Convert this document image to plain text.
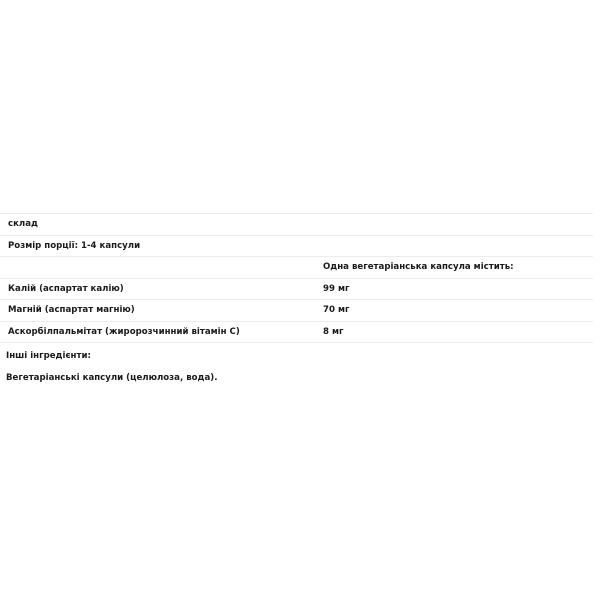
склад
Розмір порції: 1-4 капсули
Одна вегетаріанська капсула містить:
Калій (аспартат калію)	99 мг
Магній (аспартат магнію)	70 мг
Аскорбілпальмітат (жиророзчинний вітамін С)	8 мг
Інші інгредієнти:
Вегетаріанські капсули (целюлоза, вода).
